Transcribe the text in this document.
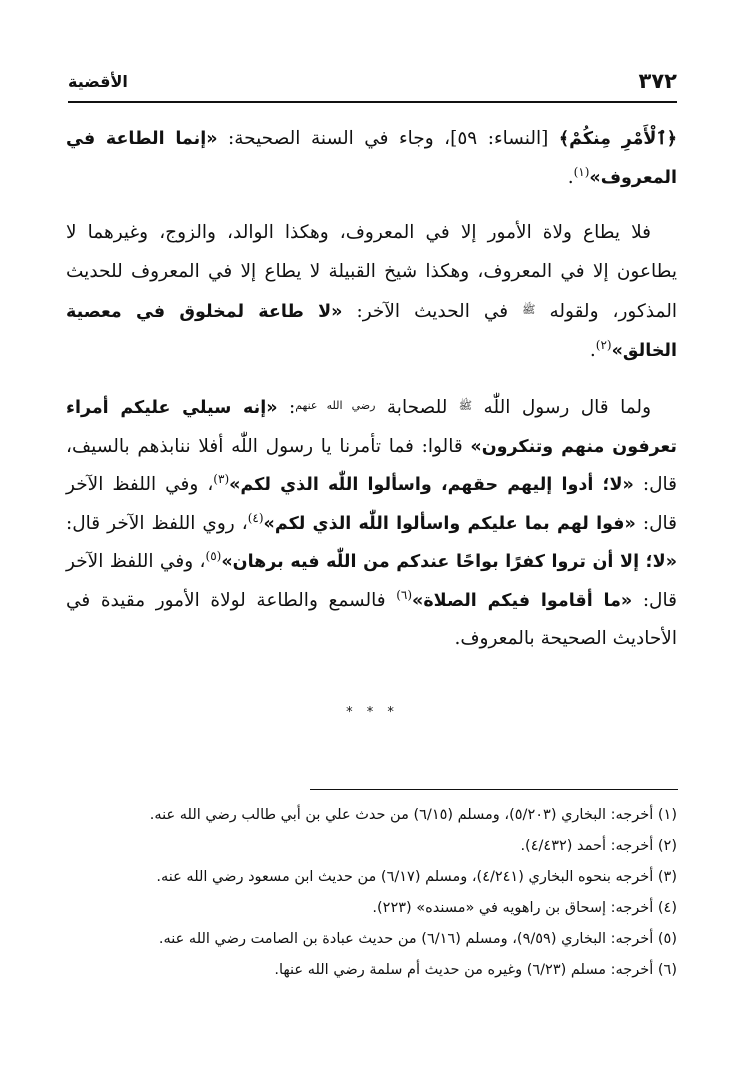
٣٧٢
الأقضية

﴿ٱلْأَمْرِ مِنكُمْ﴾ [النساء: ٥٩]، وجاء في السنة الصحيحة: «إنما الطاعة في المعروف»$^{(١)}$.

فلا يطاع ولاة الأمور إلا في المعروف، وهكذا الوالد، والزوج، وغيرهما لا يطاعون إلا في المعروف، وهكذا شيخ القبيلة لا يطاع إلا في المعروف للحديث المذكور، ولقوله $^ﷺ$ في الحديث الآخر: «لا طاعة لمخلوق في معصية الخالق»$^{(٢)}$.

ولما قال رسول اللّٰه $^ﷺ$ للصحابة $^{رضي الله عنهم}$: «إنه سيلي عليكم أمراء تعرفون منهم وتنكرون» قالوا: فما تأمرنا يا رسول اللّٰه أفلا ننابذهم بالسيف، قال: «لا؛ أدوا إليهم حقهم، واسألوا اللّٰه الذي لكم»$^{(٣)}$، وفي اللفظ الآخر قال: «فوا لهم بما عليكم واسألوا اللّٰه الذي لكم»$^{(٤)}$، روي اللفظ الآخر قال: «لا؛ إلا أن تروا كفرًا بواحًا عندكم من اللّٰه فيه برهان»$^{(٥)}$، وفي اللفظ الآخر قال: «ما أقاموا فيكم الصلاة»$^{(٦)}$ فالسمع والطاعة لولاة الأمور مقيدة في الأحاديث الصحيحة بالمعروف.

* * *

(١) أخرجه: البخاري (٥/٢٠٣)، ومسلم (٦/١٥) من حدث علي بن أبي طالب رضي الله عنه.

(٢) أخرجه: أحمد (٤/٤٣٢).

(٣) أخرجه بنحوه البخاري (٤/٢٤١)، ومسلم (٦/١٧) من حديث ابن مسعود رضي الله عنه.

(٤) أخرجه: إسحاق بن راهويه في «مسنده» (٢٢٣).

(٥) أخرجه: البخاري (٩/٥٩)، ومسلم (٦/١٦) من حديث عبادة بن الصامت رضي الله عنه.

(٦) أخرجه: مسلم (٦/٢٣) وغيره من حديث أم سلمة رضي الله عنها.
